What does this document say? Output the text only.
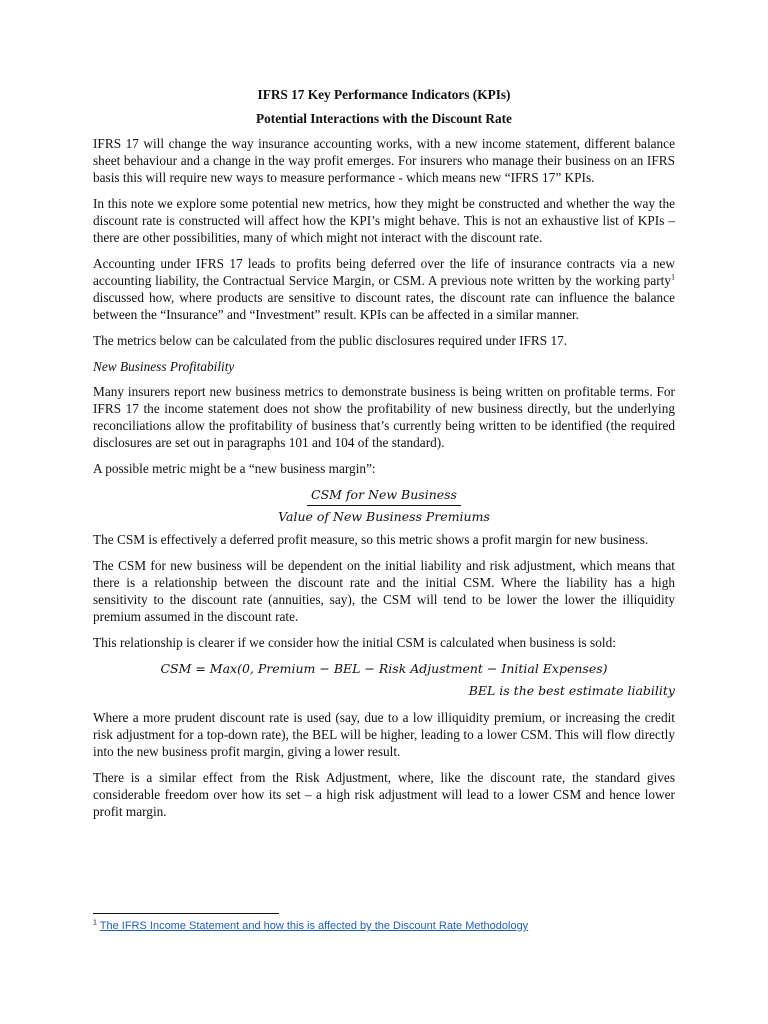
IFRS 17 Key Performance Indicators (KPIs)
Potential Interactions with the Discount Rate

IFRS 17 will change the way insurance accounting works, with a new income statement, different balance sheet behaviour and a change in the way profit emerges. For insurers who manage their business on an IFRS basis this will require new ways to measure performance - which means new “IFRS 17” KPIs.

In this note we explore some potential new metrics, how they might be constructed and whether the way the discount rate is constructed will affect how the KPI’s might behave. This is not an exhaustive list of KPIs – there are other possibilities, many of which might not interact with the discount rate.

Accounting under IFRS 17 leads to profits being deferred over the life of insurance contracts via a new accounting liability, the Contractual Service Margin, or CSM. A previous note written by the working party$^1$ discussed how, where products are sensitive to discount rates, the discount rate can influence the balance between the “Insurance” and “Investment” result. KPIs can be affected in a similar manner.

The metrics below can be calculated from the public disclosures required under IFRS 17.

New Business Profitability

Many insurers report new business metrics to demonstrate business is being written on profitable terms. For IFRS 17 the income statement does not show the profitability of new business directly, but the underlying reconciliations allow the profitability of business that’s currently being written to be identified (the required disclosures are set out in paragraphs 101 and 104 of the standard).

A possible metric might be a “new business margin”:

CSM for New Business
Value of New Business Premiums

The CSM is effectively a deferred profit measure, so this metric shows a profit margin for new business.

The CSM for new business will be dependent on the initial liability and risk adjustment, which means that there is a relationship between the discount rate and the initial CSM. Where the liability has a high sensitivity to the discount rate (annuities, say), the CSM will tend to be lower the lower the illiquidity premium assumed in the discount rate.

This relationship is clearer if we consider how the initial CSM is calculated when business is sold:

CSM = Max(0, Premium − BEL − Risk Adjustment − Initial Expenses)
BEL is the best estimate liability

Where a more prudent discount rate is used (say, due to a low illiquidity premium, or increasing the credit risk adjustment for a top-down rate), the BEL will be higher, leading to a lower CSM. This will flow directly into the new business profit margin, giving a lower result.

There is a similar effect from the Risk Adjustment, where, like the discount rate, the standard gives considerable freedom over how its set – a high risk adjustment will lead to a lower CSM and hence lower profit margin.

$^1$ The IFRS Income Statement and how this is affected by the Discount Rate Methodology
